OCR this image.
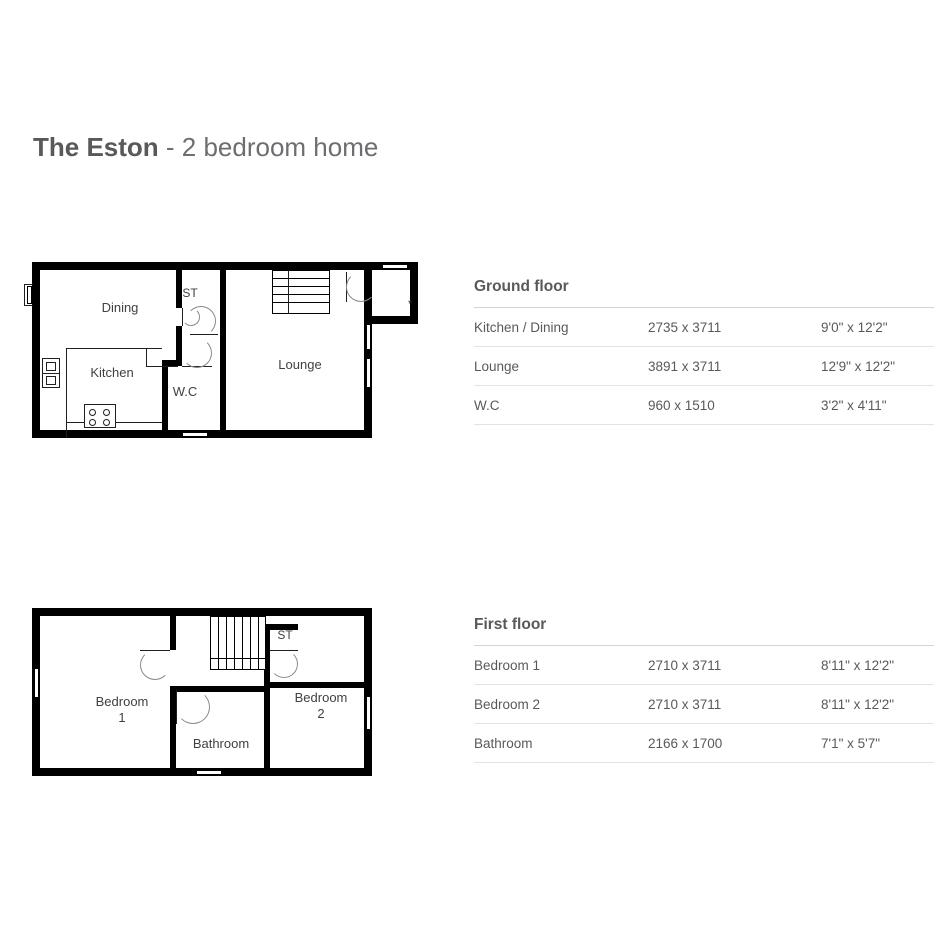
The Eston - 2 bedroom home
Kitchen
Dining
W.C
Lounge
ST
*
Bedroom
1
Bedroom
2
Bathroom
ST
Ground floor
Kitchen / Dining	2735 x 3711	9'0" x 12'2"
Lounge	3891 x 3711	12'9" x 12'2"
W.C	960 x 1510	3'2" x 4'11"
First floor
Bedroom 1	2710 x 3711	8'11" x 12'2"
Bedroom 2	2710 x 3711	8'11" x 12'2"
Bathroom	2166 x 1700	7'1" x 5'7"
